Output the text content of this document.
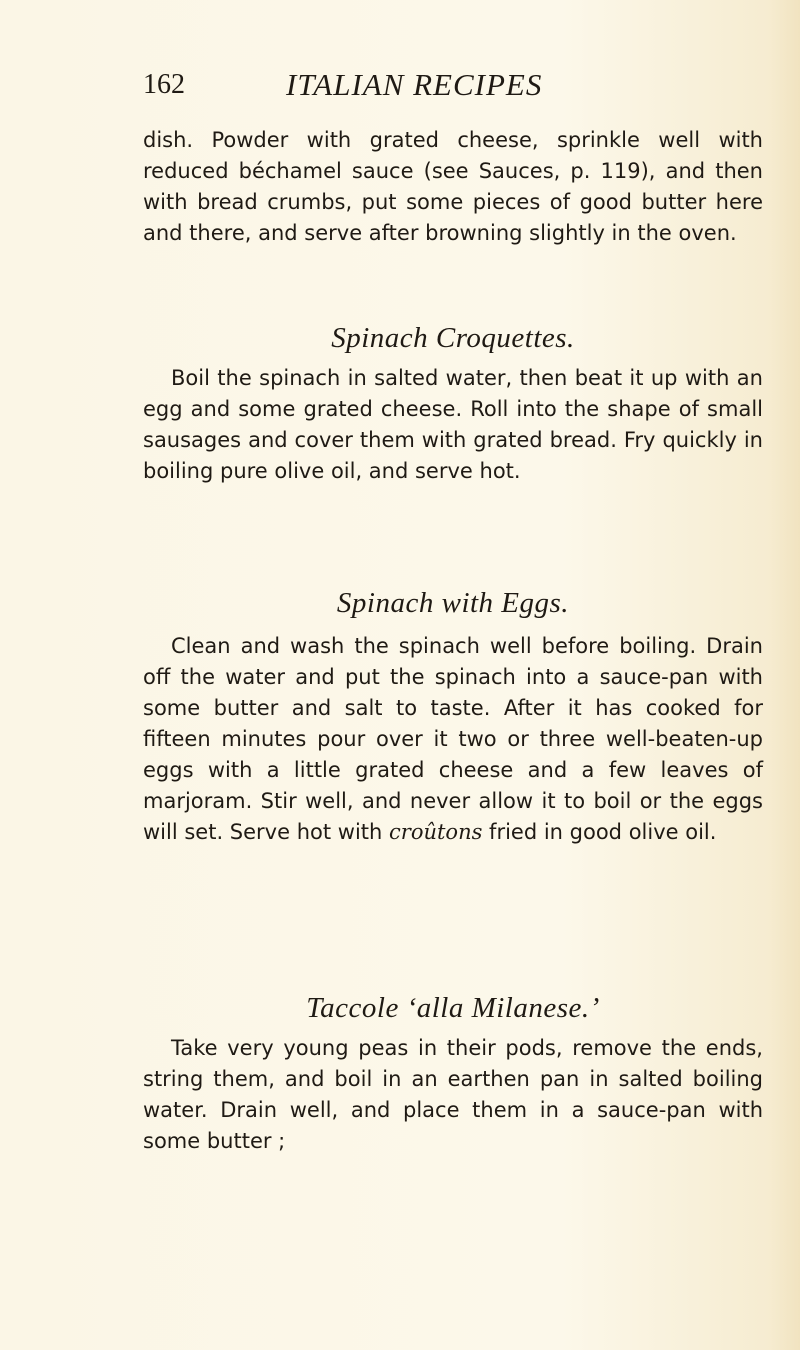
162	ITALIAN RECIPES

dish. Powder with grated cheese, sprinkle well with reduced béchamel sauce (see Sauces, p. 119), and then with bread crumbs, put some pieces of good butter here and there, and serve after browning slightly in the oven.

Spinach Croquettes.

Boil the spinach in salted water, then beat it up with an egg and some grated cheese. Roll into the shape of small sausages and cover them with grated bread. Fry quickly in boiling pure olive oil, and serve hot.

Spinach with Eggs.

Clean and wash the spinach well before boiling. Drain off the water and put the spinach into a sauce-pan with some butter and salt to taste. After it has cooked for fifteen minutes pour over it two or three well-beaten-up eggs with a little grated cheese and a few leaves of marjoram. Stir well, and never allow it to boil or the eggs will set. Serve hot with croûtons fried in good olive oil.

Taccole ‘alla Milanese.’

Take very young peas in their pods, remove the ends, string them, and boil in an earthen pan in salted boiling water. Drain well, and place them in a sauce-pan with some butter ;
